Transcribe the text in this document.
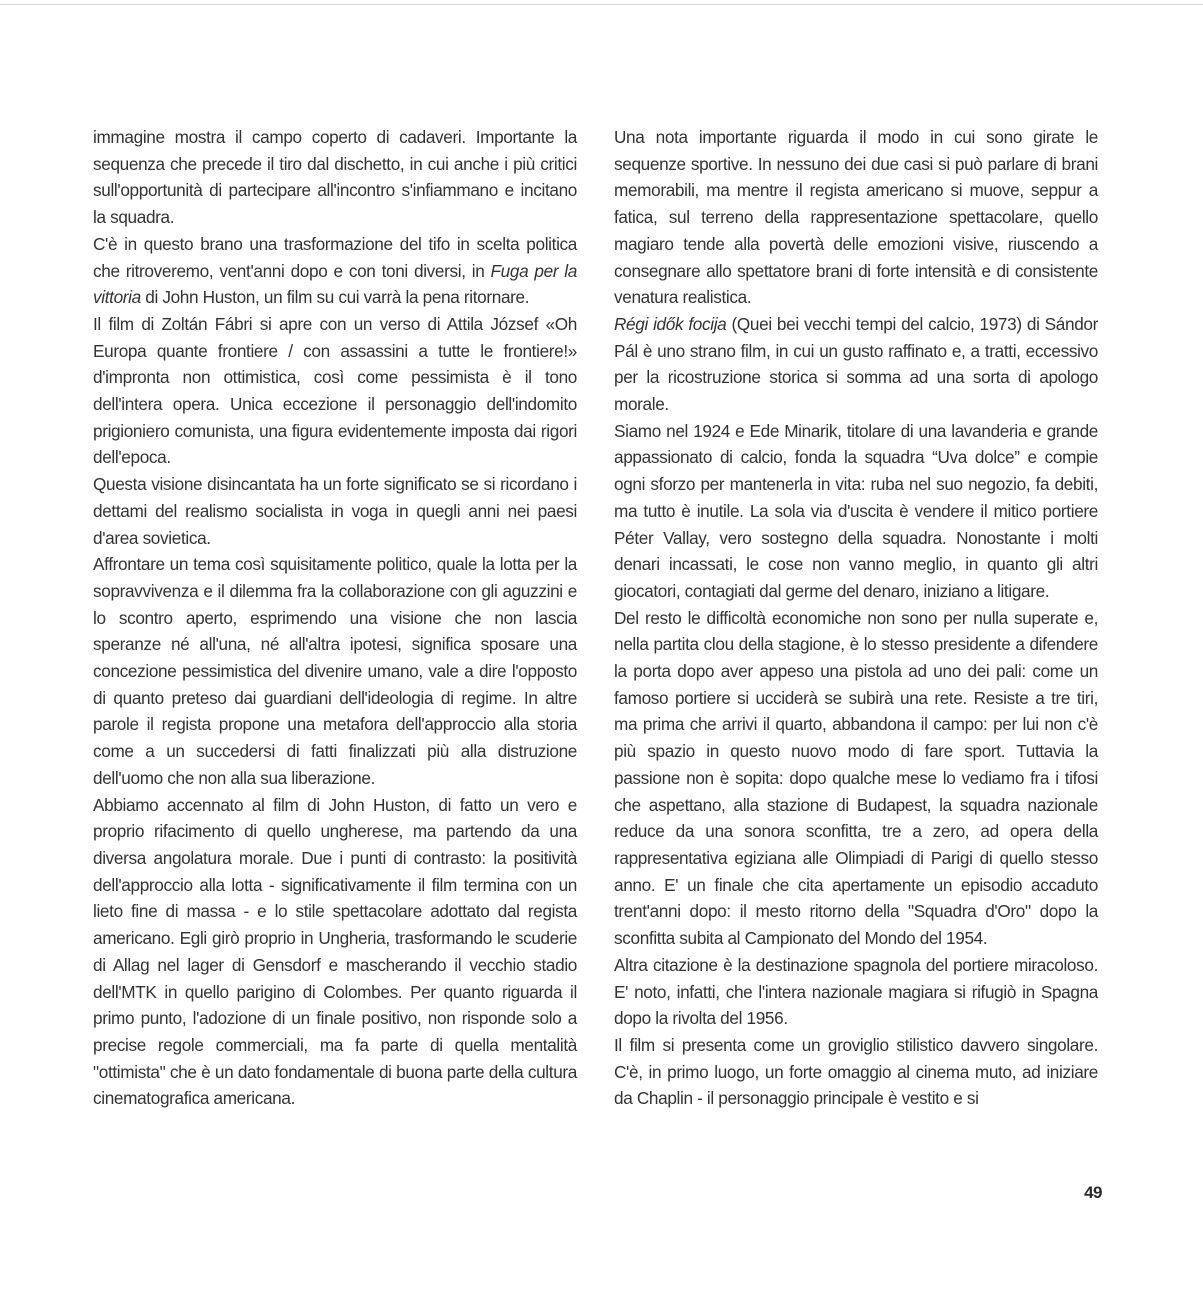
immagine mostra il campo coperto di cadaveri. Importante la sequenza che precede il tiro dal dischetto, in cui anche i più critici sull'opportunità di partecipare all'incontro s'infiammano e incitano la squadra.

C'è in questo brano una trasformazione del tifo in scelta politica che ritroveremo, vent'anni dopo e con toni diversi, in Fuga per la vittoria di John Huston, un film su cui varrà la pena ritornare.

Il film di Zoltán Fábri si apre con un verso di Attila József «Oh Europa quante frontiere / con assassini a tutte le frontiere!» d'impronta non ottimistica, così come pessimista è il tono dell'intera opera. Unica eccezione il personaggio dell'indomito prigioniero comunista, una figura evidentemente imposta dai rigori dell'epoca.

Questa visione disincantata ha un forte significato se si ricordano i dettami del realismo socialista in voga in quegli anni nei paesi d'area sovietica.

Affrontare un tema così squisitamente politico, quale la lotta per la sopravvivenza e il dilemma fra la collaborazione con gli aguzzini e lo scontro aperto, esprimendo una visione che non lascia speranze né all'una, né all'altra ipotesi, significa sposare una concezione pessimistica del divenire umano, vale a dire l'opposto di quanto preteso dai guardiani dell'ideologia di regime. In altre parole il regista propone una metafora dell'approccio alla storia come a un succedersi di fatti finalizzati più alla distruzione dell'uomo che non alla sua liberazione.

Abbiamo accennato al film di John Huston, di fatto un vero e proprio rifacimento di quello ungherese, ma partendo da una diversa angolatura morale. Due i punti di contrasto: la positività dell'approccio alla lotta - significativamente il film termina con un lieto fine di massa - e lo stile spettacolare adottato dal regista americano. Egli girò proprio in Ungheria, trasformando le scuderie di Allag nel lager di Gensdorf e mascherando il vecchio stadio dell'MTK in quello parigino di Colombes. Per quanto riguarda il primo punto, l'adozione di un finale positivo, non risponde solo a precise regole commerciali, ma fa parte di quella mentalità "ottimista" che è un dato fondamentale di buona parte della cultura cinematografica americana.

Una nota importante riguarda il modo in cui sono girate le sequenze sportive. In nessuno dei due casi si può parlare di brani memorabili, ma mentre il regista americano si muove, seppur a fatica, sul terreno della rappresentazione spettacolare, quello magiaro tende alla povertà delle emozioni visive, riuscendo a consegnare allo spettatore brani di forte intensità e di consistente venatura realistica.

Régi idők focija (Quei bei vecchi tempi del calcio, 1973) di Sándor Pál è uno strano film, in cui un gusto raffinato e, a tratti, eccessivo per la ricostruzione storica si somma ad una sorta di apologo morale.

Siamo nel 1924 e Ede Minarik, titolare di una lavanderia e grande appassionato di calcio, fonda la squadra “Uva dolce” e compie ogni sforzo per mantenerla in vita: ruba nel suo negozio, fa debiti, ma tutto è inutile. La sola via d'uscita è vendere il mitico portiere Péter Vallay, vero sostegno della squadra. Nonostante i molti denari incassati, le cose non vanno meglio, in quanto gli altri giocatori, contagiati dal germe del denaro, iniziano a litigare.

Del resto le difficoltà economiche non sono per nulla superate e, nella partita clou della stagione, è lo stesso presidente a difendere la porta dopo aver appeso una pistola ad uno dei pali: come un famoso portiere si ucciderà se subirà una rete. Resiste a tre tiri, ma prima che arrivi il quarto, abbandona il campo: per lui non c'è più spazio in questo nuovo modo di fare sport. Tuttavia la passione non è sopita: dopo qualche mese lo vediamo fra i tifosi che aspettano, alla stazione di Budapest, la squadra nazionale reduce da una sonora sconfitta, tre a zero, ad opera della rappresentativa egiziana alle Olimpiadi di Parigi di quello stesso anno. E' un finale che cita apertamente un episodio accaduto trent'anni dopo: il mesto ritorno della "Squadra d'Oro" dopo la sconfitta subita al Campionato del Mondo del 1954.

Altra citazione è la destinazione spagnola del portiere miracoloso. E' noto, infatti, che l'intera nazionale magiara si rifugiò in Spagna dopo la rivolta del 1956.

Il film si presenta come un groviglio stilistico davvero singolare. C'è, in primo luogo, un forte omaggio al cinema muto, ad iniziare da Chaplin - il personaggio principale è vestito e si

49
